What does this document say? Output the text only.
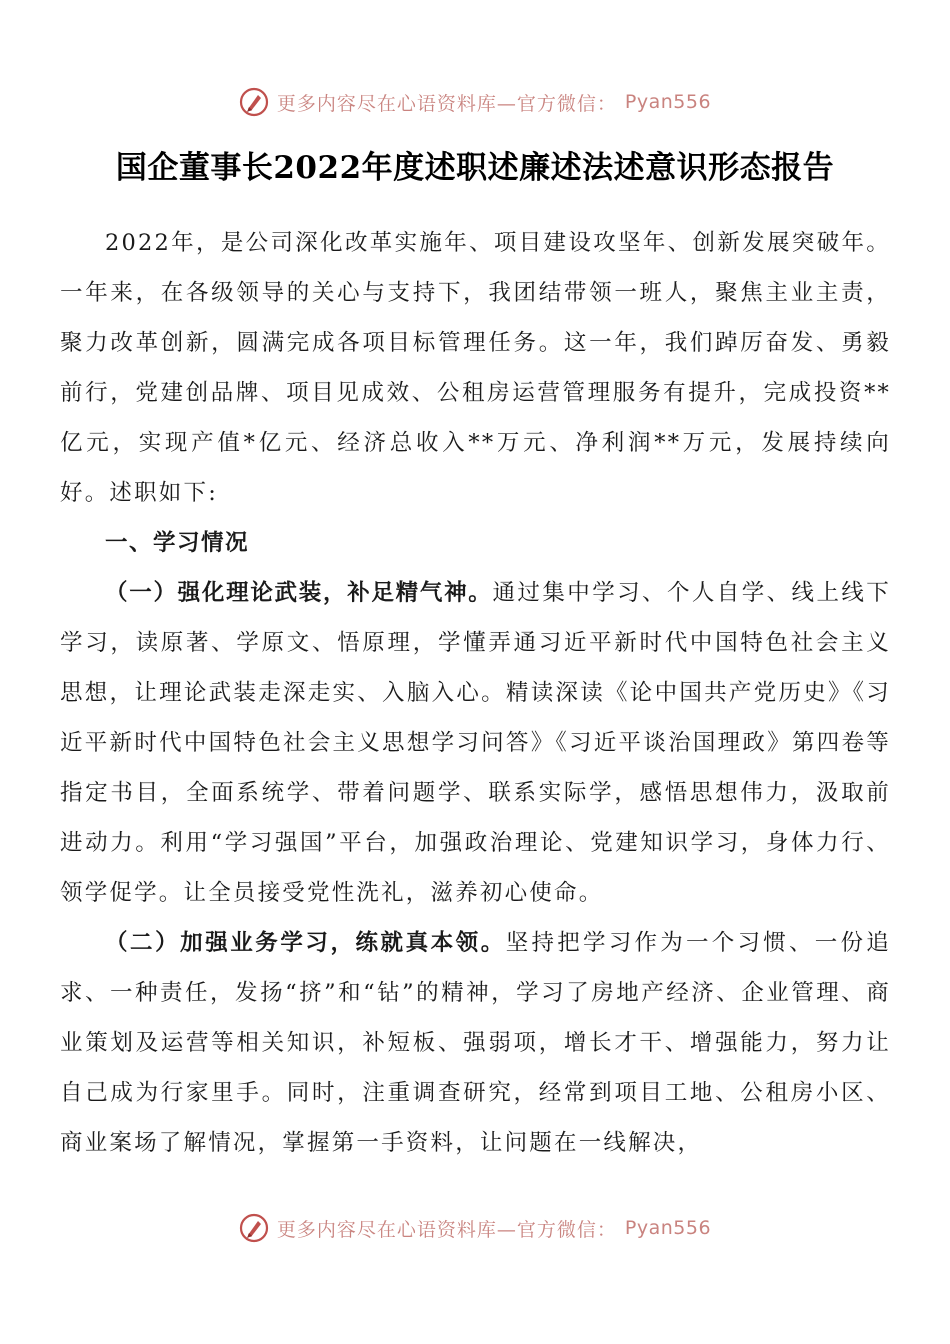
更多内容尽在心语资料库—官方微信： Pyan556
国企董事长2022年度述职述廉述法述意识形态报告

2022年，是公司深化改革实施年、项目建设攻坚年、创新发展突破年。一年来，在各级领导的关心与支持下，我团结带领一班人，聚焦主业主责，聚力改革创新，圆满完成各项目标管理任务。这一年，我们踔厉奋发、勇毅前行，党建创品牌、项目见成效、公租房运营管理服务有提升，完成投资**亿元，实现产值*亿元、经济总收入**万元、净利润**万元，发展持续向好。述职如下:

一、学习情况

（一）强化理论武装，补足精气神。通过集中学习、个人自学、线上线下学习，读原著、学原文、悟原理，学懂弄通习近平新时代中国特色社会主义思想，让理论武装走深走实、入脑入心。精读深读《论中国共产党历史》《习近平新时代中国特色社会主义思想学习问答》《习近平谈治国理政》第四卷等指定书目，全面系统学、带着问题学、联系实际学，感悟思想伟力，汲取前进动力。利用“学习强国”平台，加强政治理论、党建知识学习，身体力行、领学促学。让全员接受党性洗礼，滋养初心使命。

（二）加强业务学习，练就真本领。坚持把学习作为一个习惯、一份追求、一种责任，发扬“挤”和“钻”的精神，学习了房地产经济、企业管理、商业策划及运营等相关知识，补短板、强弱项，增长才干、增强能力，努力让自己成为行家里手。同时，注重调查研究，经常到项目工地、公租房小区、商业案场了解情况，掌握第一手资料，让问题在一线解决，

更多内容尽在心语资料库—官方微信： Pyan556
